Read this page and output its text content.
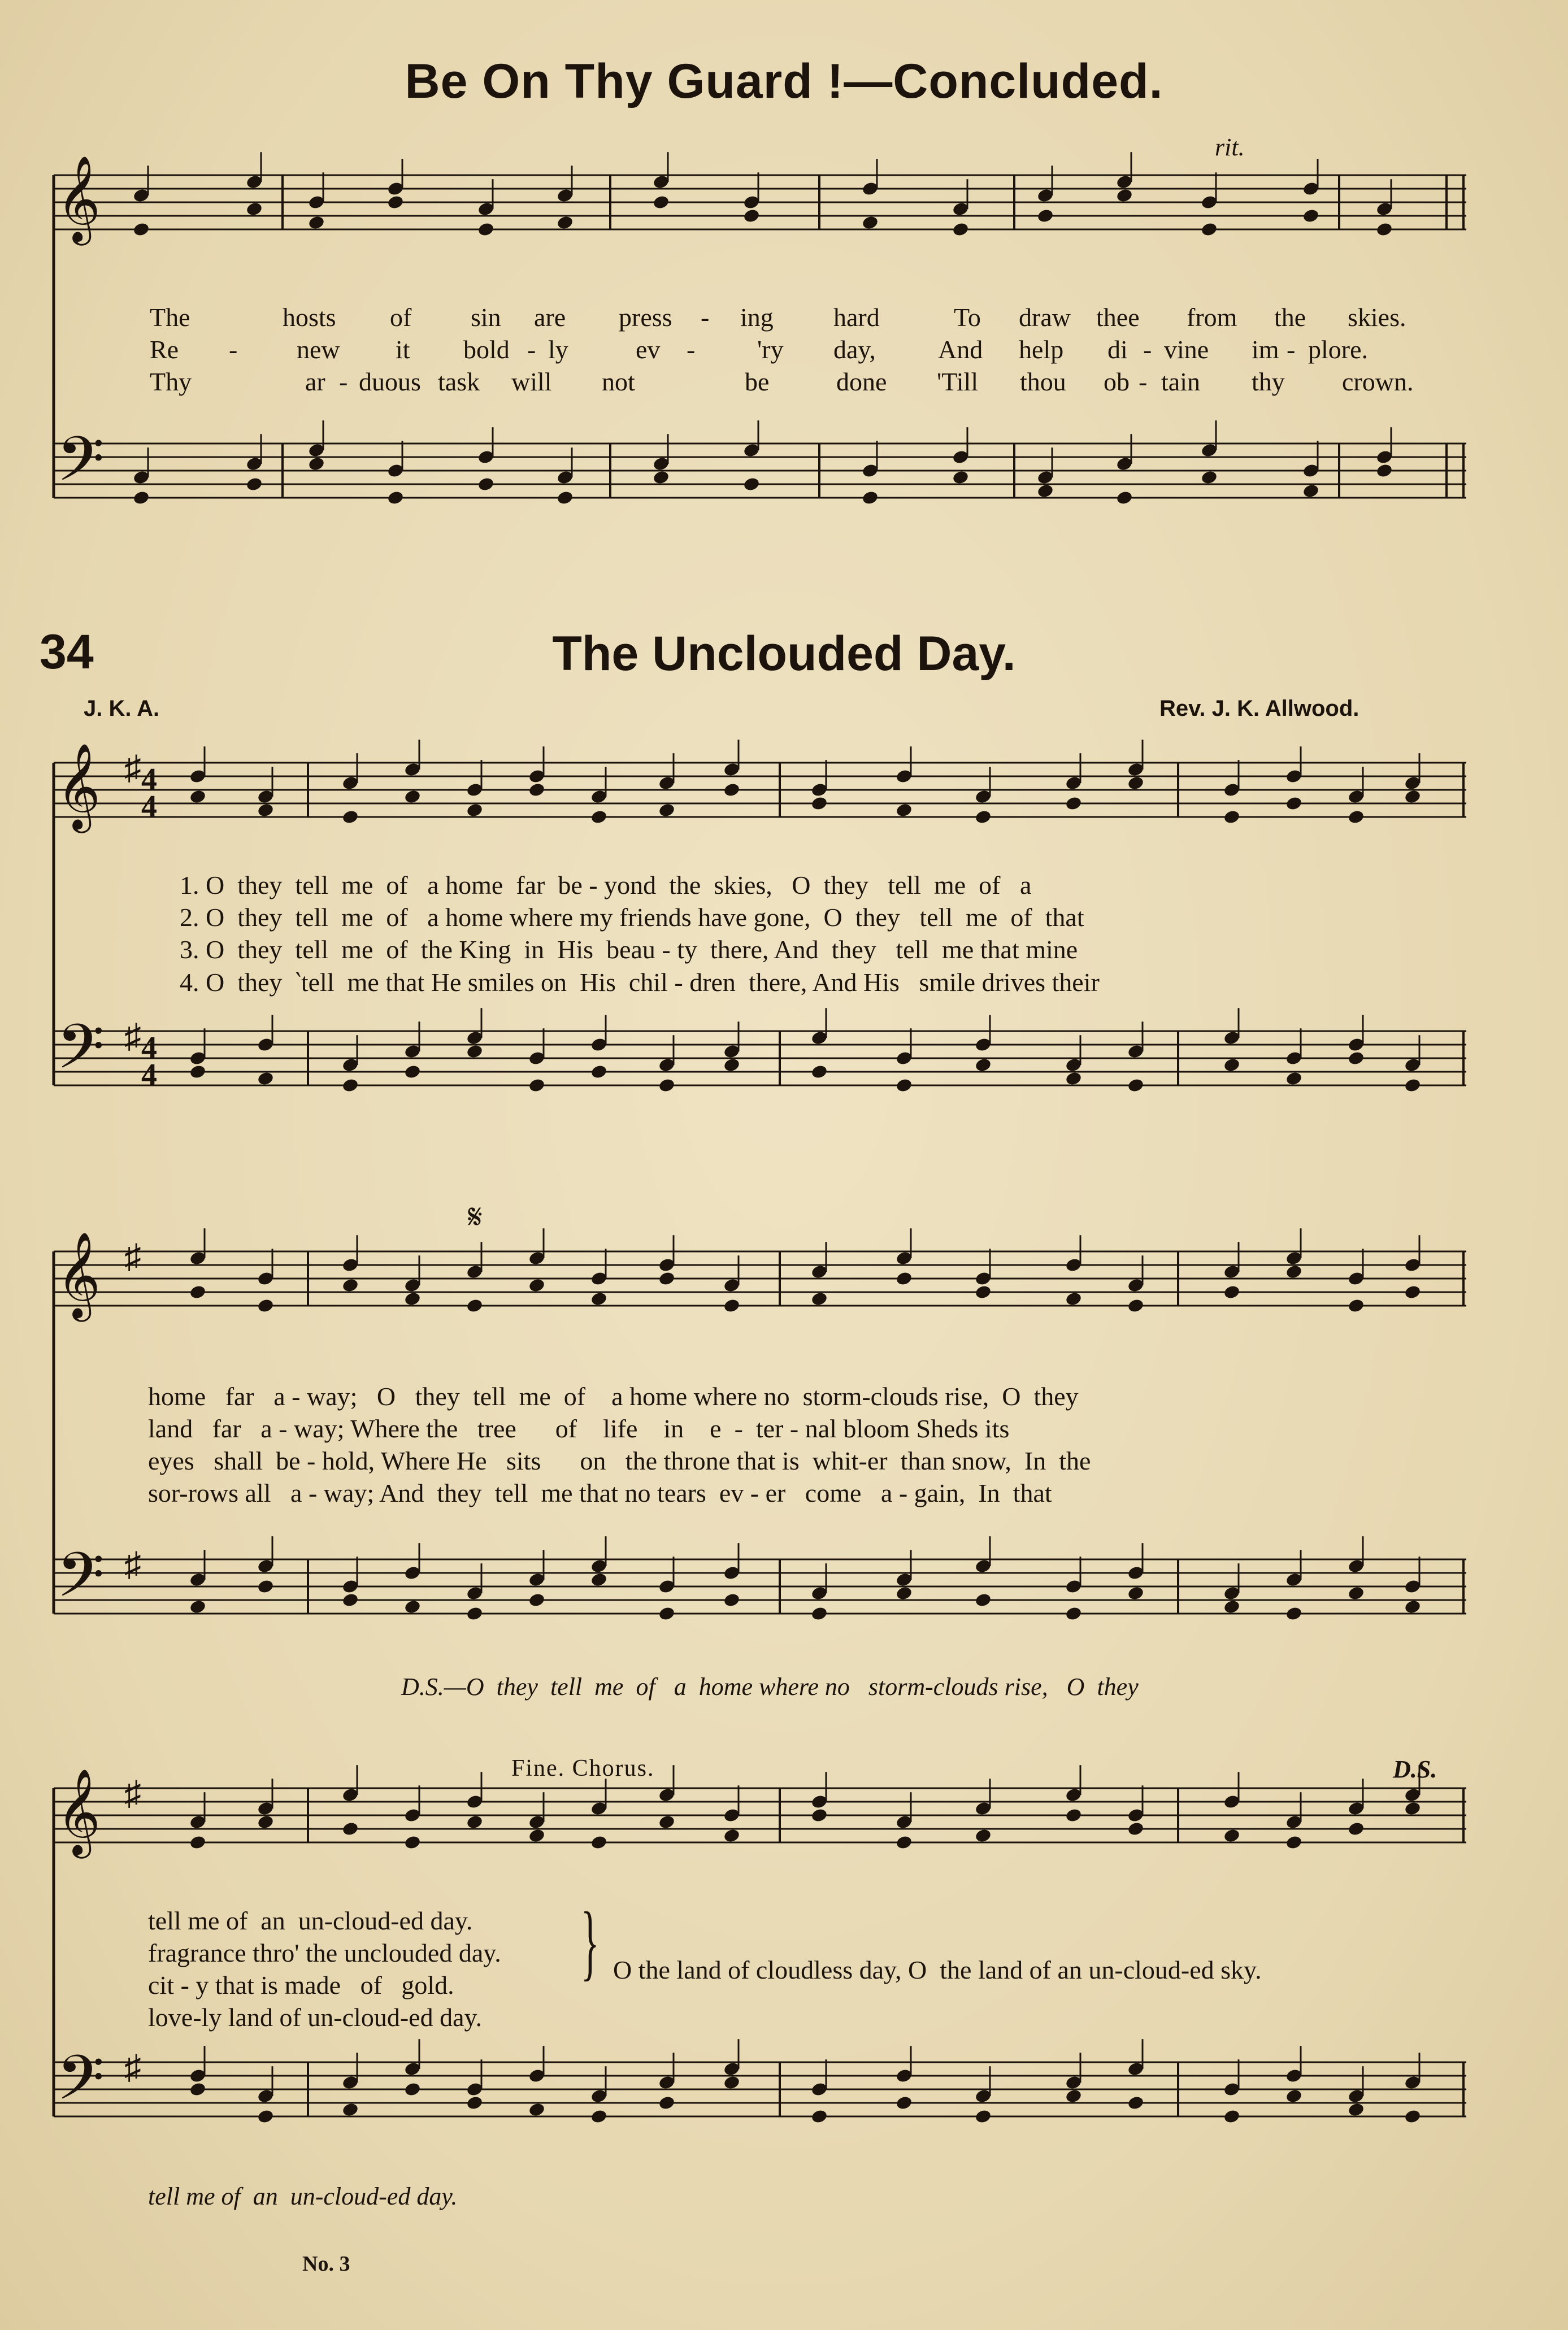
𝄞
𝄢
𝄞 ♯ 4
4
𝄢 ♯ 4
4
𝄞 ♯
𝄢 ♯
𝄞 ♯
𝄢 ♯
Be On Thy Guard !—Concluded.
rit.
The	hosts of sin are press - ing hard	To draw thee from the skies.
Re - new it bold - ly	ev - 'ry day, And help di - vine im - plore.
Thy	ar - duous task will not	be	done 'Till thou ob - tain thy crown.
34	The Unclouded Day.
J. K. A.	Rev. J. K. Allwood.
1. O  they  tell  me  of   a home  far  be - yond  the  skies,   O  they   tell  me  of   a
2. O  they  tell  me  of   a home where my friends have gone,  O  they   tell  me  of  that
3. O  they  tell  me  of  the King  in  His  beau - ty  there, And  they   tell  me that mine
4. O  they  ‵tell  me that He smiles on  His  chil - dren  there, And His   smile drives their
𝄋
home   far   a - way;   O   they  tell  me  of    a home where no  storm-clouds rise,  O  they
land   far   a - way; Where the   tree      of    life    in    e  -  ter - nal bloom Sheds its
eyes   shall  be - hold, Where He   sits      on   the throne that is  whit-er  than snow,  In  the
sor-rows all   a - way; And  they  tell  me that no tears  ev - er   come   a - gain,  In  that
D.S.—O  they  tell  me  of   a  home where no   storm-clouds rise,   O  they
Fine. Chorus.	D.S.
tell me of  an  un-cloud-ed day.
fragrance thro' the unclouded day.
cit - y that is made   of   gold.
love-ly land of un-cloud-ed day.
} O the land of cloudless day, O  the land of an un-cloud-ed sky.
tell me of  an  un-cloud-ed day.
No. 3
